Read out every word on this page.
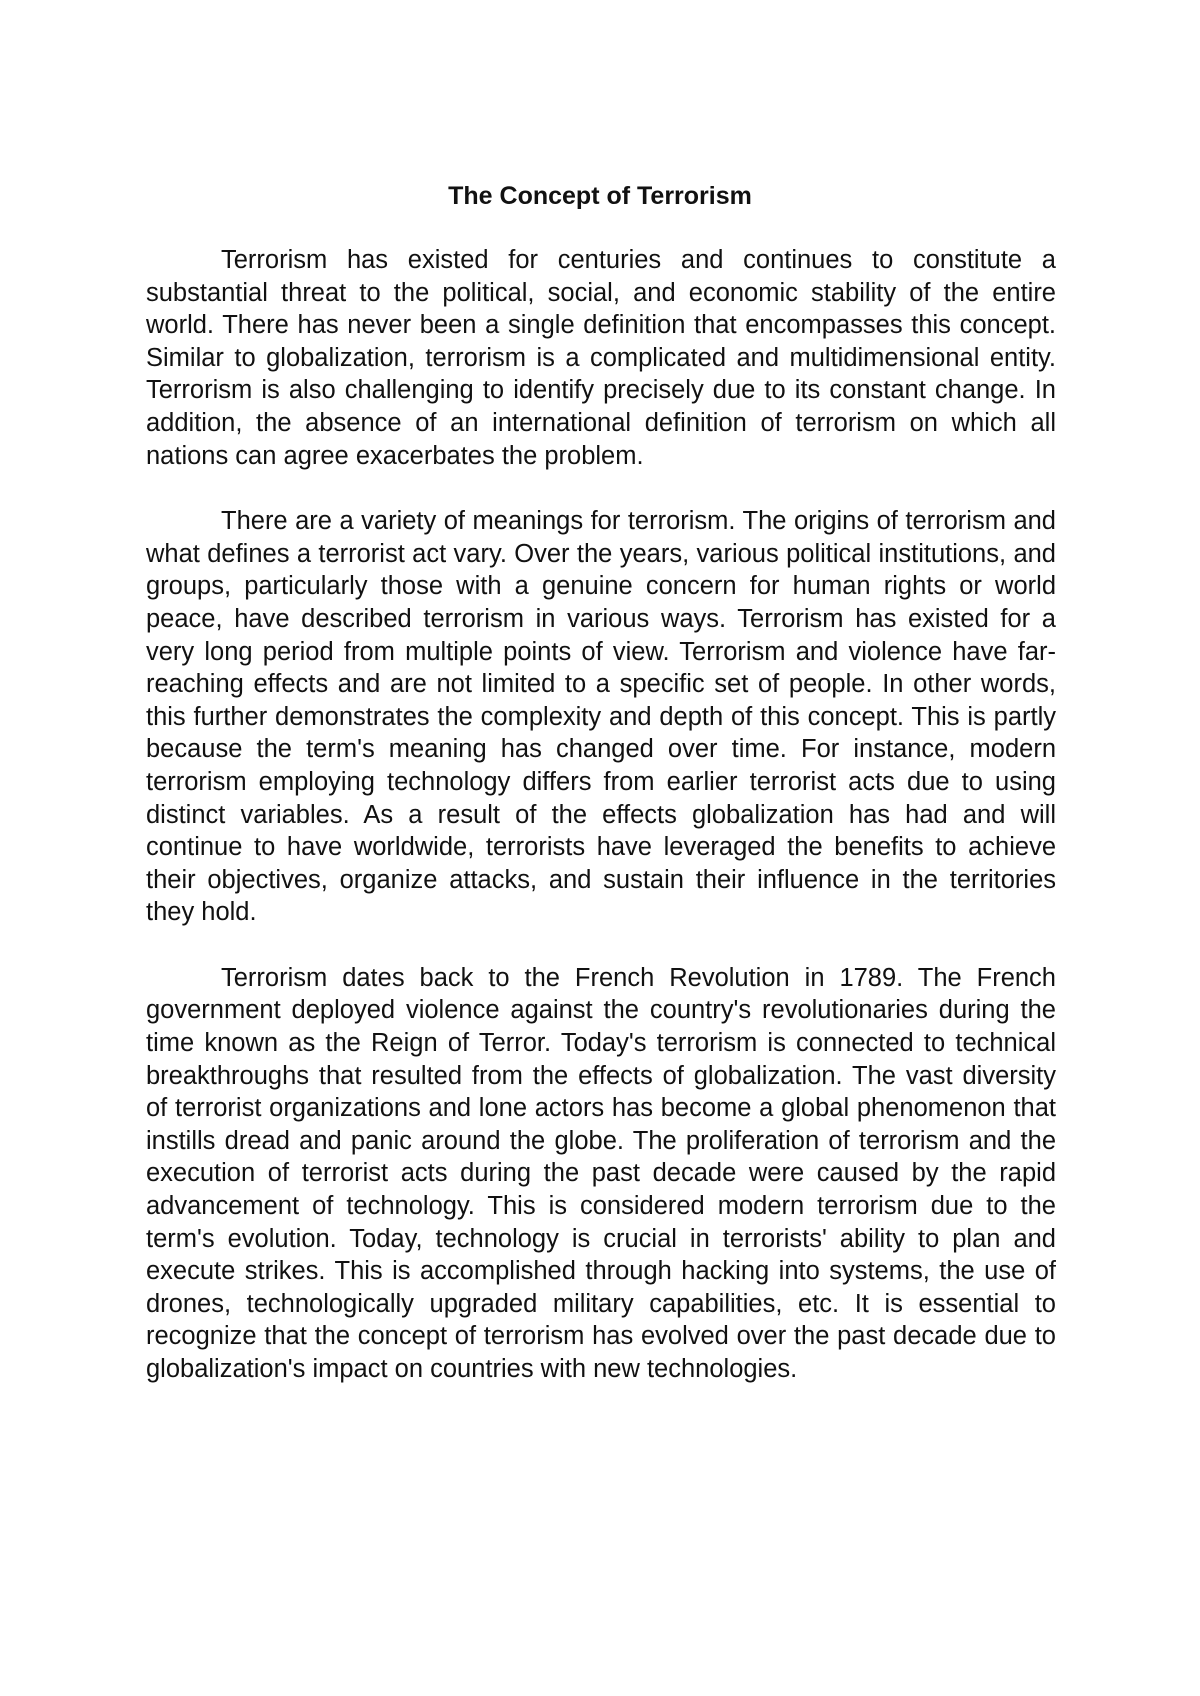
The Concept of Terrorism

Terrorism has existed for centuries and continues to constitute a substantial threat to the political, social, and economic stability of the entire world. There has never been a single definition that encompasses this concept. Similar to globalization, terrorism is a complicated and multidimensional entity. Terrorism is also challenging to identify precisely due to its constant change. In addition, the absence of an international definition of terrorism on which all nations can agree exacerbates the problem.

There are a variety of meanings for terrorism. The origins of terrorism and what defines a terrorist act vary. Over the years, various political institutions, and groups, particularly those with a genuine concern for human rights or world peace, have described terrorism in various ways. Terrorism has existed for a very long period from multiple points of view. Terrorism and violence have far-reaching effects and are not limited to a specific set of people. In other words, this further demonstrates the complexity and depth of this concept. This is partly because the term's meaning has changed over time. For instance, modern terrorism employing technology differs from earlier terrorist acts due to using distinct variables. As a result of the effects globalization has had and will continue to have worldwide, terrorists have leveraged the benefits to achieve their objectives, organize attacks, and sustain their influence in the territories they hold.

Terrorism dates back to the French Revolution in 1789. The French government deployed violence against the country's revolutionaries during the time known as the Reign of Terror. Today's terrorism is connected to technical breakthroughs that resulted from the effects of globalization. The vast diversity of terrorist organizations and lone actors has become a global phenomenon that instills dread and panic around the globe. The proliferation of terrorism and the execution of terrorist acts during the past decade were caused by the rapid advancement of technology. This is considered modern terrorism due to the term's evolution. Today, technology is crucial in terrorists' ability to plan and execute strikes. This is accomplished through hacking into systems, the use of drones, technologically upgraded military capabilities, etc. It is essential to recognize that the concept of terrorism has evolved over the past decade due to globalization's impact on countries with new technologies.
